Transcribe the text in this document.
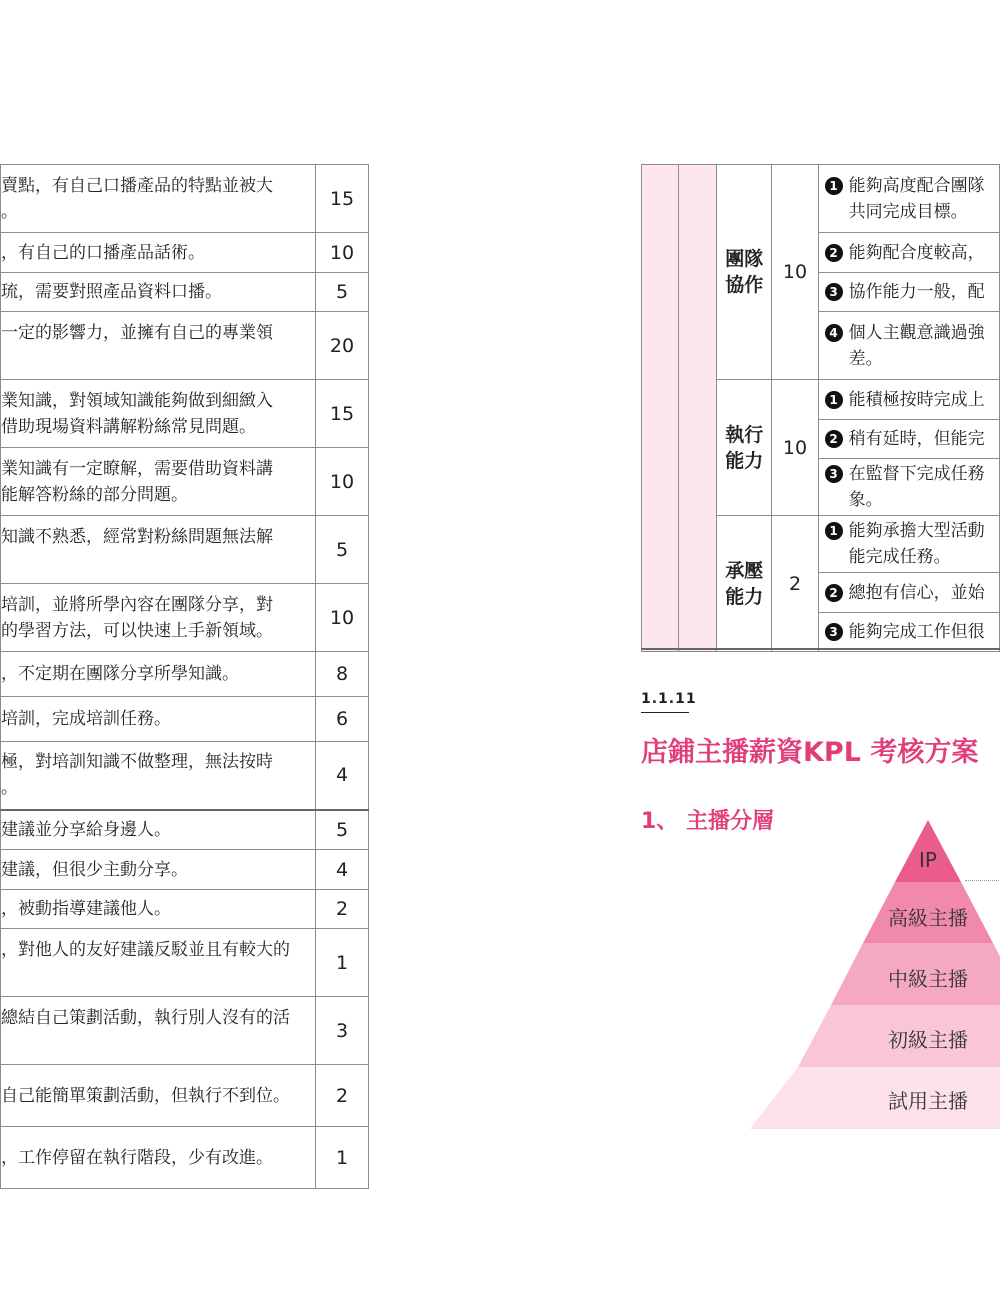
賣點，有自己口播產品的特點並被大
。	15
，有自己的口播產品話術。	10
琉，需要對照產品資料口播。	5
一定的影響力，並擁有自己的專業領	20
業知識，對領域知識能夠做到細緻入
借助現場資料講解粉絲常見問題。	15
業知識有一定瞭解，需要借助資料講
能解答粉絲的部分問題。	10
知識不熟悉，經常對粉絲問題無法解	5
培訓，並將所學內容在團隊分享，對
的學習方法，可以快速上手新領域。	10
，不定期在團隊分享所學知識。	8
培訓，完成培訓任務。	6
極，對培訓知識不做整理，無法按時
。	4
建議並分享給身邊人。	5
建議，但很少主動分享。	4
，被動指導建議他人。	2
，對他人的友好建議反駁並且有較大的	1
總結自己策劃活動，執行別人沒有的活	3
自己能簡單策劃活動，但執行不到位。	2
，工作停留在執行階段，少有改進。	1
		團隊協作	10	1 能夠高度配合團隊
共同完成目標。

				2 能夠配合度較高，
				3 協作能力一般，配
				4 個人主觀意識過強
差。

		執行能力	10	1 能積極按時完成上
				2 稍有延時，但能完
				3 在監督下完成任務
象。

		承壓能力	2	1 能夠承擔大型活動
能完成任務。

				2 總抱有信心，並始
				3 能夠完成工作但很
1.1.11
店鋪主播薪資KPL 考核方案
1、 主播分層
IP
高級主播
中級主播
初級主播
試用主播
